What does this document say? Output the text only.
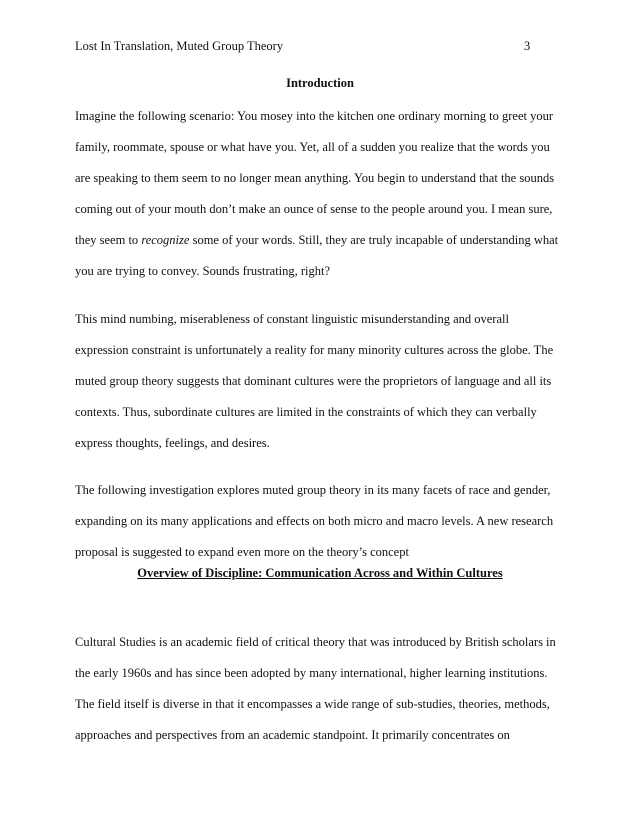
Lost In Translation, Muted Group Theory	3
Introduction
Imagine the following scenario: You mosey into the kitchen one ordinary morning to greet your
family, roommate, spouse or what have you. Yet, all of a sudden you realize that the words you
are speaking to them seem to no longer mean anything. You begin to understand that the sounds
coming out of your mouth don’t make an ounce of sense to the people around you. I mean sure,
they seem to recognize some of your words. Still, they are truly incapable of understanding what
you are trying to convey. Sounds frustrating, right?
This mind numbing, miserableness of constant linguistic misunderstanding and overall
expression constraint is unfortunately a reality for many minority cultures across the globe. The
muted group theory suggests that dominant cultures were the proprietors of language and all its
contexts. Thus, subordinate cultures are limited in the constraints of which they can verbally
express thoughts, feelings, and desires.
The following investigation explores muted group theory in its many facets of race and gender,
expanding on its many applications and effects on both micro and macro levels. A new research
proposal is suggested to expand even more on the theory’s concept
Overview of Discipline: Communication Across and Within Cultures
Cultural Studies is an academic field of critical theory that was introduced by British scholars in
the early 1960s and has since been adopted by many international, higher learning institutions.
The field itself is diverse in that it encompasses a wide range of sub-studies, theories, methods,
approaches and perspectives from an academic standpoint. It primarily concentrates on
